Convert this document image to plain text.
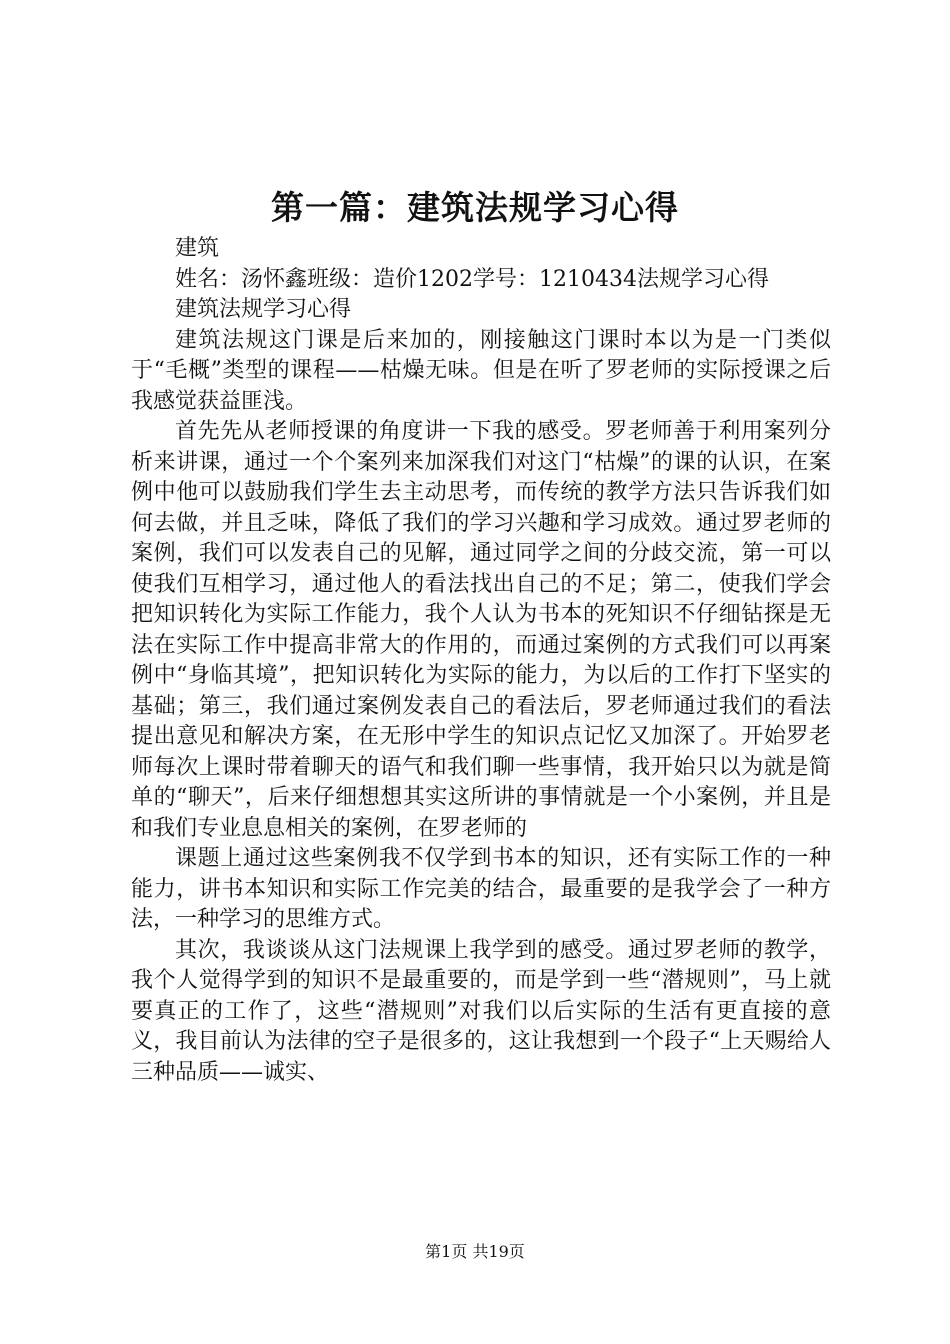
第一篇：建筑法规学习心得

建筑

姓名：汤怀鑫班级：造价1202学号：1210434法规学习心得

建筑法规学习心得

建筑法规这门课是后来加的，刚接触这门课时本以为是一门类似于“毛概”类型的课程——枯燥无味。但是在听了罗老师的实际授课之后我感觉获益匪浅。

首先先从老师授课的角度讲一下我的感受。罗老师善于利用案列分析来讲课，通过一个个案列来加深我们对这门“枯燥”的课的认识，在案例中他可以鼓励我们学生去主动思考，而传统的教学方法只告诉我们如何去做，并且乏味，降低了我们的学习兴趣和学习成效。通过罗老师的案例，我们可以发表自己的见解，通过同学之间的分歧交流，第一可以使我们互相学习，通过他人的看法找出自己的不足；第二，使我们学会把知识转化为实际工作能力，我个人认为书本的死知识不仔细钻探是无法在实际工作中提高非常大的作用的，而通过案例的方式我们可以再案例中“身临其境”，把知识转化为实际的能力，为以后的工作打下坚实的基础；第三，我们通过案例发表自己的看法后，罗老师通过我们的看法提出意见和解决方案，在无形中学生的知识点记忆又加深了。开始罗老师每次上课时带着聊天的语气和我们聊一些事情，我开始只以为就是简单的“聊天”，后来仔细想想其实这所讲的事情就是一个小案例，并且是和我们专业息息相关的案例，在罗老师的

课题上通过这些案例我不仅学到书本的知识，还有实际工作的一种能力，讲书本知识和实际工作完美的结合，最重要的是我学会了一种方法，一种学习的思维方式。

其次，我谈谈从这门法规课上我学到的感受。通过罗老师的教学，我个人觉得学到的知识不是最重要的，而是学到一些“潜规则”，马上就要真正的工作了，这些“潜规则”对我们以后实际的生活有更直接的意义，我目前认为法律的空子是很多的，这让我想到一个段子“上天赐给人三种品质——诚实、

第1页 共19页
